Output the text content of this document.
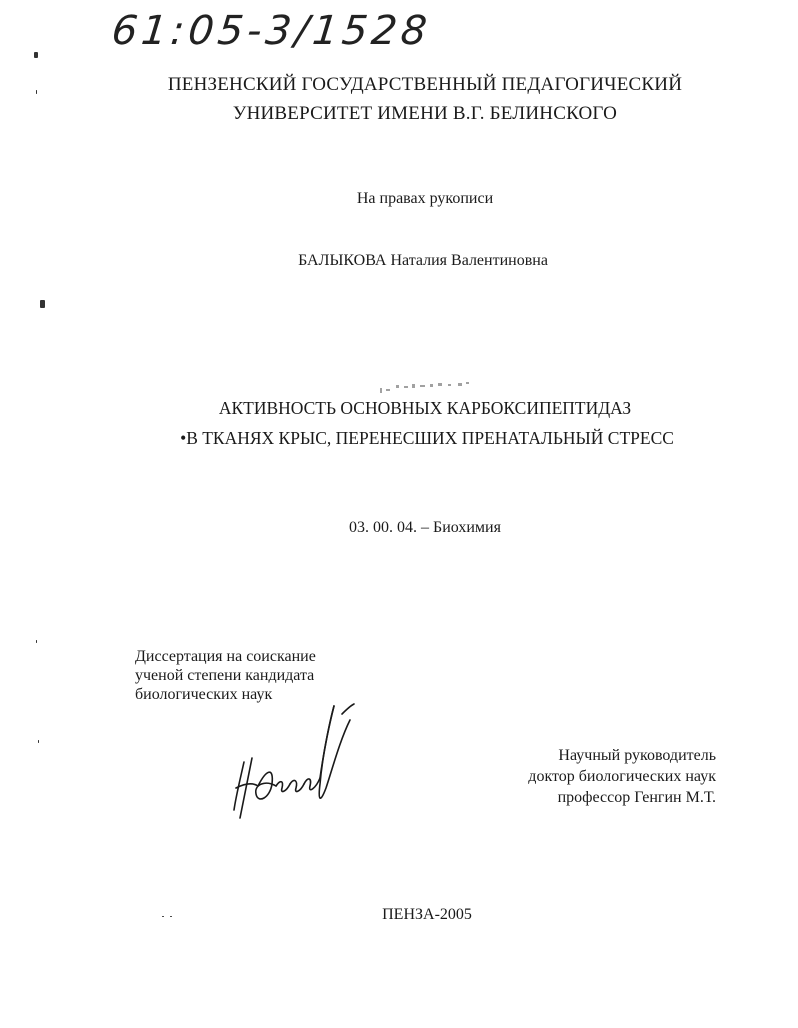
61:05-3/1528
ПЕНЗЕНСКИЙ ГОСУДАРСТВЕННЫЙ ПЕДАГОГИЧЕСКИЙ
УНИВЕРСИТЕТ ИМЕНИ В.Г. БЕЛИНСКОГО
На правах рукописи
БАЛЫКОВА Наталия Валентиновна
АКТИВНОСТЬ ОСНОВНЫХ КАРБОКСИПЕПТИДАЗ
•В ТКАНЯХ КРЫС, ПЕРЕНЕСШИХ ПРЕНАТАЛЬНЫЙ СТРЕСС
03. 00. 04. – Биохимия
Диссертация на соискание
ученой степени кандидата
биологических наук
Научный руководитель
доктор биологических наук
профессор Генгин М.Т.
ПЕНЗА-2005
